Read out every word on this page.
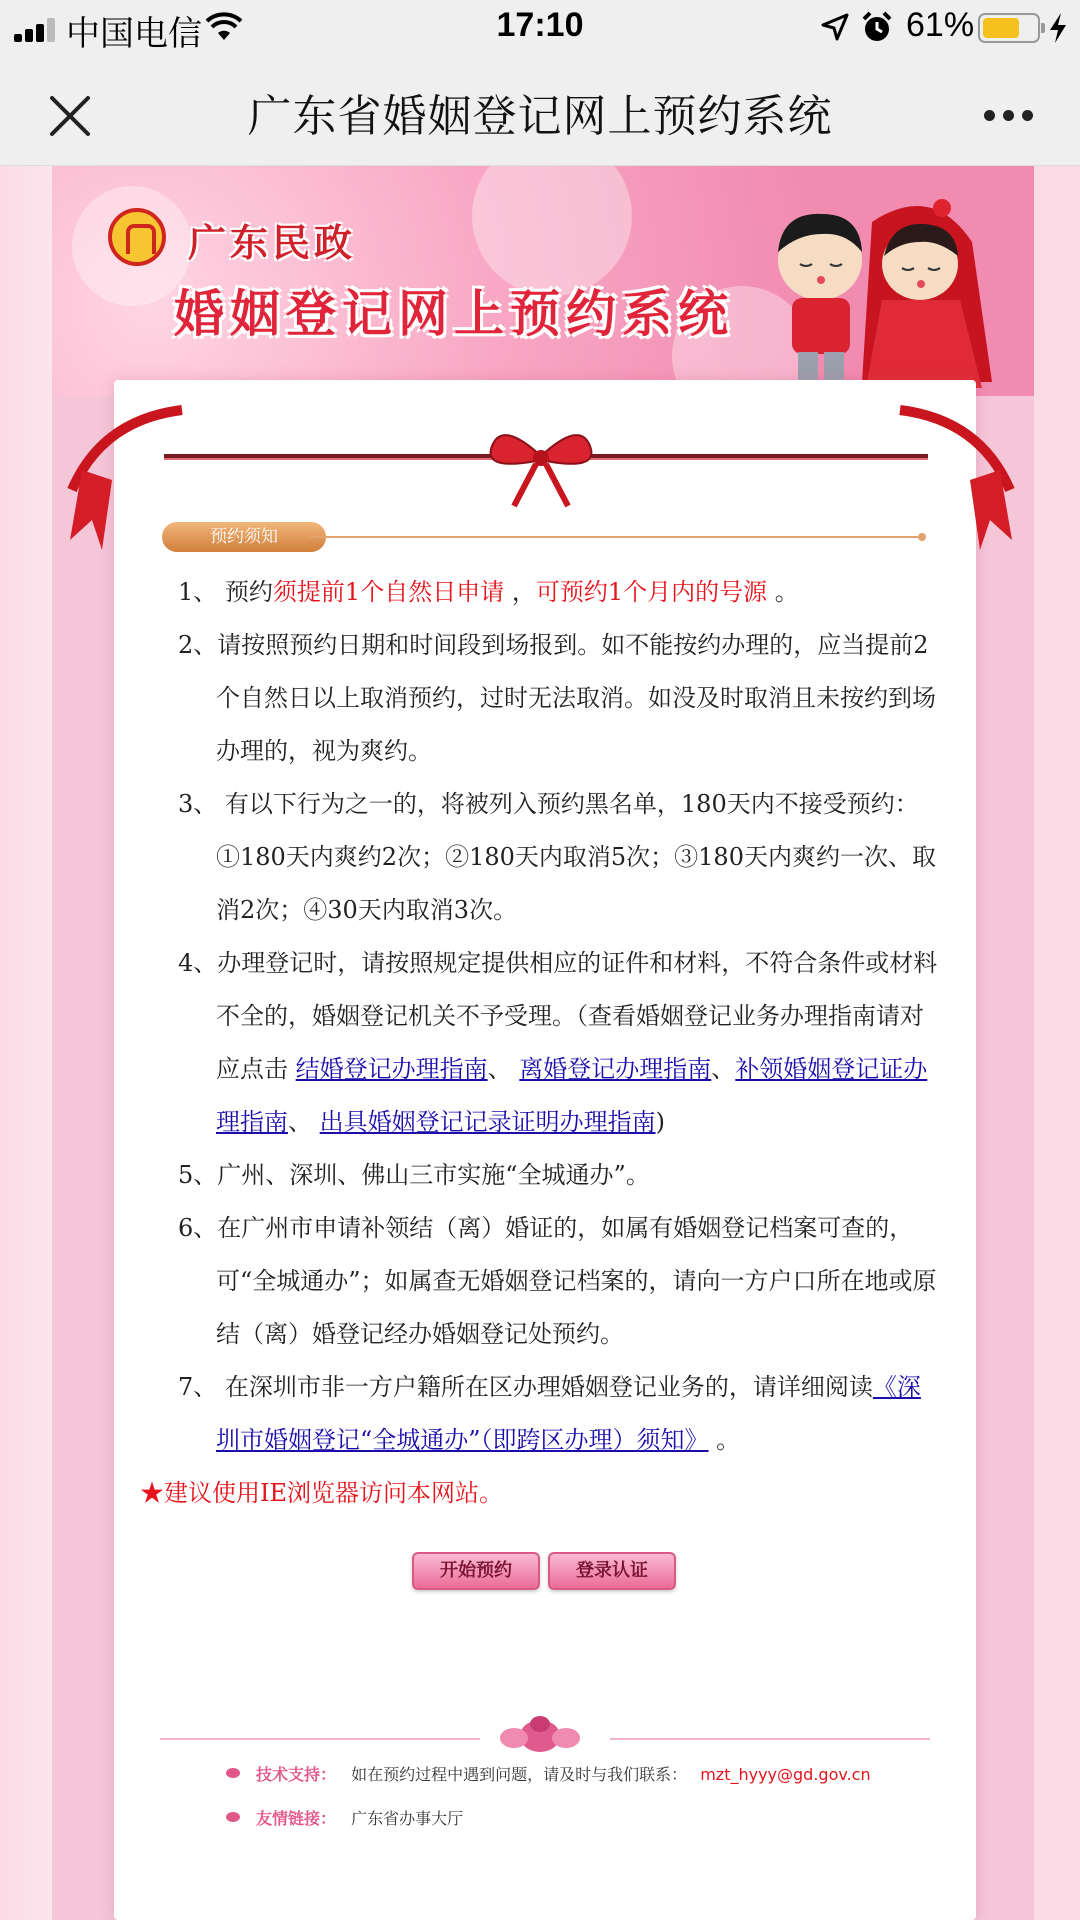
中国电信	17:10	61%
广东省婚姻登记网上预约系统
广东民政
婚姻登记网上预约系统
预约须知
1、 预约须提前1个自然日申请 ，可预约1个月内的号源 。
2、请按照预约日期和时间段到场报到。如不能按约办理的，应当提前2个自然日以上取消预约，过时无法取消。如没及时取消且未按约到场办理的，视为爽约。
3、 有以下行为之一的，将被列入预约黑名单，180天内不接受预约：①180天内爽约2次；②180天内取消5次；③180天内爽约一次、取消2次；④30天内取消3次。
4、办理登记时，请按照规定提供相应的证件和材料，不符合条件或材料不全的，婚姻登记机关不予受理。（查看婚姻登记业务办理指南请对应点击 结婚登记办理指南、 离婚登记办理指南、补领婚姻登记证办理指南、 出具婚姻登记记录证明办理指南)
5、广州、深圳、佛山三市实施“全城通办”。
6、在广州市申请补领结（离）婚证的，如属有婚姻登记档案可查的，可“全城通办”；如属查无婚姻登记档案的，请向一方户口所在地或原结（离）婚登记经办婚姻登记处预约。
7、 在深圳市非一方户籍所在区办理婚姻登记业务的，请详细阅读《深圳市婚姻登记“全城通办”（即跨区办理）须知》 。
★建议使用IE浏览器访问本网站。
开始预约	登录认证
技术支持： 如在预约过程中遇到问题，请及时与我们联系： mzt_hyyy@gd.gov.cn
友情链接： 广东省办事大厅
